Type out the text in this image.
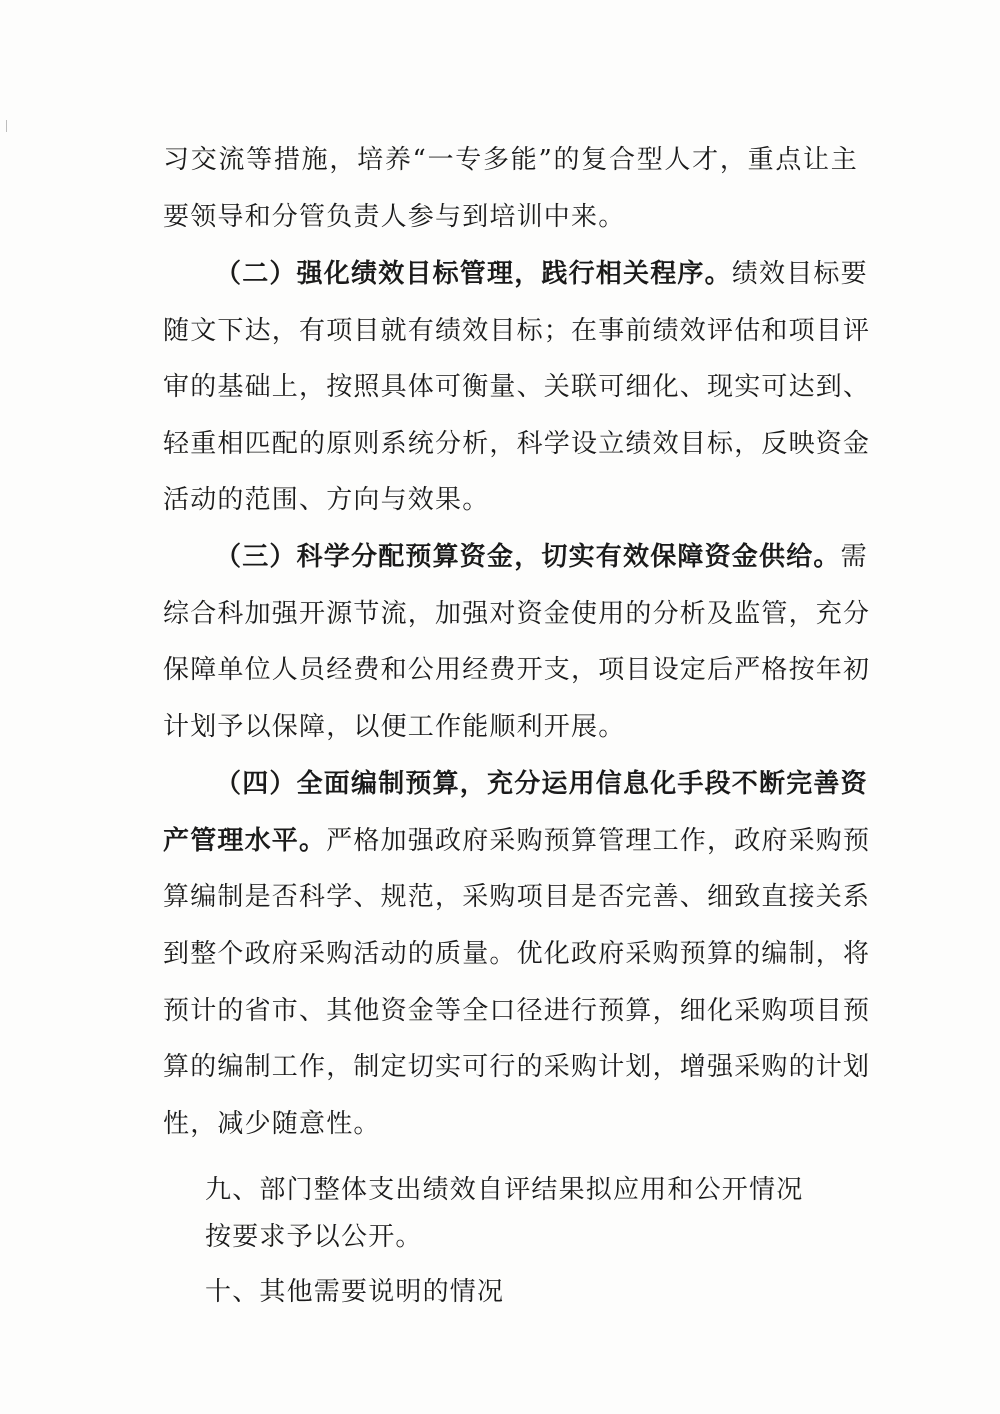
习交流等措施，培养“一专多能”的复合型人才，重点让主
要领导和分管负责人参与到培训中来。
（二）强化绩效目标管理，践行相关程序。绩效目标要
随文下达，有项目就有绩效目标；在事前绩效评估和项目评
审的基础上，按照具体可衡量、关联可细化、现实可达到、
轻重相匹配的原则系统分析，科学设立绩效目标，反映资金
活动的范围、方向与效果。
（三）科学分配预算资金，切实有效保障资金供给。需
综合科加强开源节流，加强对资金使用的分析及监管，充分
保障单位人员经费和公用经费开支，项目设定后严格按年初
计划予以保障，以便工作能顺利开展。
（四）全面编制预算，充分运用信息化手段不断完善资
产管理水平。严格加强政府采购预算管理工作，政府采购预
算编制是否科学、规范，采购项目是否完善、细致直接关系
到整个政府采购活动的质量。优化政府采购预算的编制，将
预计的省市、其他资金等全口径进行预算，细化采购项目预
算的编制工作，制定切实可行的采购计划，增强采购的计划
性，减少随意性。
九、部门整体支出绩效自评结果拟应用和公开情况
按要求予以公开。
十、其他需要说明的情况
